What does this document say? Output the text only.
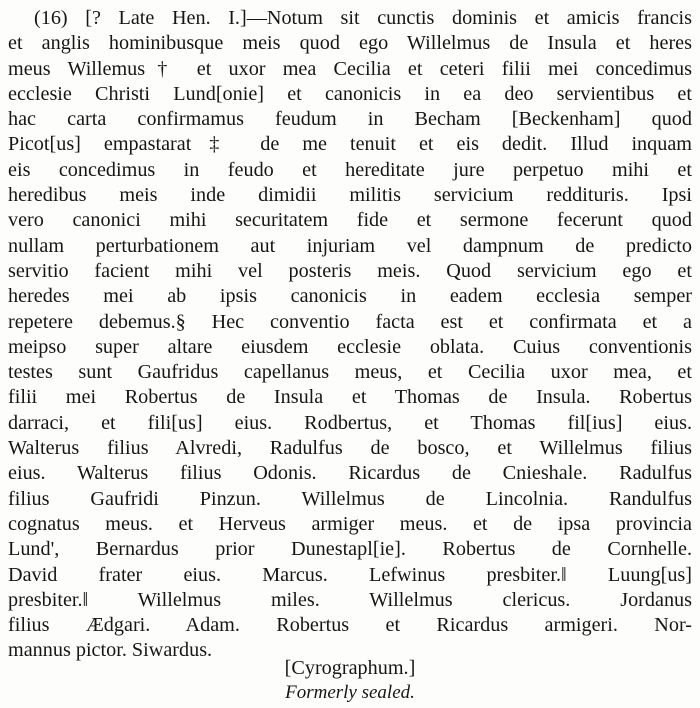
(16) [? Late Hen. I.]—Notum sit cunctis dominis et amicis francis
et anglis hominibusque meis quod ego Willelmus de Insula et heres
meus Willemus† et uxor mea Cecilia et ceteri filii mei concedimus
ecclesie Christi Lund[onie] et canonicis in ea deo servientibus et
hac carta confirmamus feudum in Becham [Beckenham] quod
Picot[us] empastarat‡ de me tenuit et eis dedit. Illud inquam
eis concedimus in feudo et hereditate jure perpetuo mihi et
heredibus meis inde dimidii militis servicium reddituris. Ipsi
vero canonici mihi securitatem fide et sermone fecerunt quod
nullam perturbationem aut injuriam vel dampnum de predicto
servitio facient mihi vel posteris meis. Quod servicium ego et
heredes mei ab ipsis canonicis in eadem ecclesia semper
repetere debemus.§ Hec conventio facta est et confirmata et a
meipso super altare eiusdem ecclesie oblata. Cuius conventionis
testes sunt Gaufridus capellanus meus, et Cecilia uxor mea, et
filii mei Robertus de Insula et Thomas de Insula. Robertus
darraci, et fili[us] eius. Rodbertus, et Thomas fil[ius] eius.
Walterus filius Alvredi, Radulfus de bosco, et Willelmus filius
eius. Walterus filius Odonis. Ricardus de Cnieshale. Radulfus
filius Gaufridi Pinzun. Willelmus de Lincolnia. Randulfus
cognatus meus. et Herveus armiger meus. et de ipsa provincia
Lund', Bernardus prior Dunestapl[ie]. Robertus de Cornhelle.
David frater eius. Marcus. Lefwinus presbiter.‖ Luung[us]
presbiter.‖ Willelmus miles. Willelmus clericus. Jordanus
filius Ædgari. Adam. Robertus et Ricardus armigeri. Nor-
mannus pictor. Siwardus.
[Cyrographum.]
Formerly sealed.
